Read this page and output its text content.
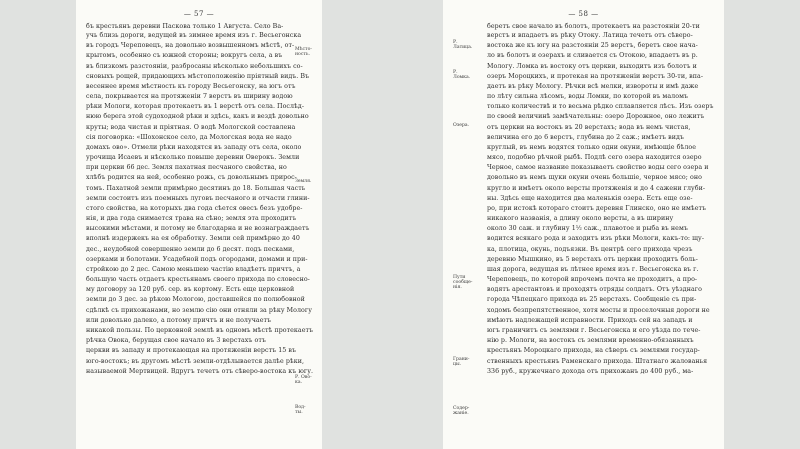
— 57 —
бъ крестьянъ деревни Паскова только 1 Августа. Село Ва-
учь близь дороги, ведущей въ зимнее время изъ г. Весьегонска
въ городъ Череповецъ, на довольно возвышенномъ мѣстѣ, от-
крытомъ, особенно съ южной стороны; вокругъ села, а въ
въ близкомъ разстояніи, разбросаны нѣсколько небольшихъ со-
сновыхъ рощей, придающихъ мѣстоположенію пріятный видъ. Въ
весеннее время мѣстность къ городу Весьегонску, на югъ отъ
села, покрывается на протяженіи 7 верстъ въ ширину водою
рѣки Мологи, которая протекаетъ въ 1 верстѣ отъ села. Послѣд-
нюю берега этой судоходной рѣки и здѣсь, какъ и вездѣ довольно
круты; вода чистая и пріятная. О водѣ Мологской составлена
сія поговорка: «Шохонское село, да Мологская вода не надо
домахъ ово». Отмели рѣки находятся въ западу отъ села, около
урочища Исаевъ и нѣсколько повыше деревни Оверокъ. Земли
при церкви 66 дес. Земля пахатная песчаного свойства, но
хлѣбъ родится на ней, особенно рожь, съ довольнымъ прирос-
томъ. Пахатной земли примѣрно десятинъ до 18. Большая часть
земли состоитъ изъ поемныхъ луговъ песчаного и отчасти глини-
стого свойства, на которыхъ два года сѣется овесъ безъ удобре-
нія, и два года снимается трава на сѣно; земля эта проходитъ
высокими мѣстами, и потому не благодарна и не вознаграждаетъ
вполнѣ издержекъ на ея обработку. Земли сей примѣрно до 40
дес., неудобной совершенно земли до 6 десят. подъ песками,
озерками и болотами. Усадебной подъ огородами, домами и при-
стройкою до 2 дес. Самою меньшею частію владѣетъ причтъ, а
большую часть отдаетъ крестьянамъ своего прихода по словесно-
му договору за 120 руб. сер. въ кортому. Есть еще церковной
земли до 3 дес. за рѣкою Мологою, доставшейся по полюбовной
сдѣлкѣ съ прихожанами, но землю сію они отняли за рѣку Мологу
или довольно далеко, а потому причтъ и не получаетъ
никакой пользы. По церковной землѣ въ одномъ мѣстѣ протекаетъ
рѣчка Овока, берущая свое начало въ 3 верстахъ отъ
церкви въ западу и протекающая на протяженіи верстъ 15 въ
юго-востокъ; въ другомъ мѣстѣ земли-отдѣлывается далѣе рѣки,
называемой Мертвицей. Вдругъ течетъ отъ сѣверо-востока къ югу.
Мѣсто-
ность.
Земля.
Р. Ово-
ка.
Вод-
ты.
— 58 —
беретъ свое начало въ болотъ, протекаетъ на разстояніи 20-ти
верстъ и впадаетъ въ рѣку Отоку. Латица течетъ отъ сѣверо-
востока же къ югу на разстояніи 25 верстъ, беретъ свое нача-
ло въ болотъ и озерахъ и сливается съ Отокою, впадаетъ въ р.
Мологу. Ломка въ востоку отъ церкви, выходитъ изъ болотъ и
озеръ Мороцкихъ, и протекая на протяженіи верстъ 30-ти, впа-
даетъ въ рѣку Мологу. Рѣчки всѣ мелки, извороты и имѣ даже
по лѣту сильна лѣсомъ, воды Ломки, по которой въ маломъ
только количествѣ и то весьма рѣдко сплавляется лѣсъ. Изъ озеръ
по своей величинѣ замѣчательны: озеро Дорожное, оно лежитъ
отъ церкви на востокъ въ 20 верстахъ; вода въ немъ чистая,
величина его до 6 верстъ, глубина до 2 саж.; имѣетъ видъ
круглый, въ немъ водятся только одни окуни, имѣющіе бѣлое
мясо, подобно рѣчной рыбѣ. Подлѣ сего озера находится озеро
Черное, самое название показываетъ свойство воды сего озера и
довольно въ немъ щуки окуни очень большіе, черное мясо; оно
кругло и имѣетъ около версты протяженія и до 4 сажени глуби-
ны. Здѣсь еще находится два маленькія озера. Есть еще озе-
ро, при истокѣ котораго стоитъ деревня Глинско, оно не имѣетъ
никакого названія, а длину около версты, а въ ширину
около 30 саж. и глубину 1½ саж., плавотое и рыба въ немъ
водится всякаго рода и заходитъ изъ рѣки Мологи, какъ-то: щу-
ка, плотица, окунь, подъязки. Въ центрѣ сего прихода чрезъ
деревню Мышкино, въ 5 верстахъ отъ церкви проходитъ боль-
шая дорога, ведущая въ лѣтнее время изъ г. Весьегонска въ г.
Череповецъ, по которой впрочемъ почта не проходитъ, а про-
водятъ арестантовъ и проходятъ отряды солдатъ. Отъ уѣзднаго
города Чѣпецкаго прихода въ 25 верстахъ. Сообщеніе съ при-
ходомъ безпрепятственное, хотя мосты и проселочныя дороги не
имѣютъ надлежащей исправности. Приходъ сей на западъ и
югъ граничитъ съ землями г. Весьегонска и его уѣзда по тече-
нію р. Мологи, на востокъ съ землями временно-обязанныхъ
крестьянъ Мороцкаго прихода, на сѣверъ съ землями государ-
ственныхъ крестьянъ Раменскаго прихода. Штатнаго жалованья
336 руб., кружечнаго дохода отъ прихожанъ до 400 руб., ма-
Р.
Латица.
Р.
Ломка.
Озера.
Пути
сообще-
нія.
Грани-
цы.
Содер-
жаніе.
